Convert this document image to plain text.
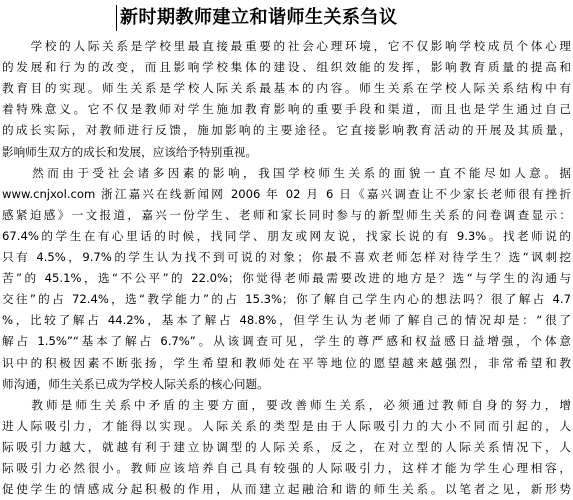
新时期教师建立和谐师生关系刍议
　　学校的人际关系是学校里最直接最重要的社会心理环境，它不仅影响学校成员个体心理
的发展和行为的改变，而且影响学校集体的建设、组织效能的发挥，影响教育质量的提高和
教育目的实现。师生关系是学校人际关系最基本的内容。师生关系在学校人际关系结构中有
着特殊意义。它不仅是教师对学生施加教育影响的重要手段和渠道，而且也是学生通过自己
的成长实际，对教师进行反馈，施加影响的主要途径。它直接影响教育活动的开展及其质量，
影响师生双方的成长和发展，应该给予特别重视。
　　然而由于受社会诸多因素的影响，我国学校师生关系的面貌一直不能尽如人意。据
www.cnjxol.com 浙江嘉兴在线新闻网 2006 年 02 月 6 日《嘉兴调查让不少家长老师很有挫折
感紧迫感》一文报道，嘉兴一份学生、老师和家长同时参与的新型师生关系的问卷调查显示：
67.4%的学生在有心里话的时候，找同学、朋友或网友说，找家长说的有 9.3%。找老师说的
只有 4.5%，9.7%的学生认为找不到可说的对象；你最不喜欢老师怎样对待学生？选“讽刺挖
苦”的 45.1%，选“不公平”的 22.0%；你觉得老师最需要改进的地方是？选“与学生的沟通与
交往”的占 72.4%，选“教学能力”的占 15.3%；你了解自己学生内心的想法吗？很了解占 4.7
%，比较了解占 44.2%，基本了解占 48.8%，但学生认为老师了解自己的情况却是：“很了
解占 1.5%”“基本了解占 6.7%”。从该调查可见，学生的尊严感和权益感日益增强，个体意
识中的积极因素不断张扬，学生希望和教师处在平等地位的愿望越来越强烈，非常希望和教
师沟通，师生关系已成为学校人际关系的核心问题。
　　教师是师生关系中矛盾的主要方面，要改善师生关系，必须通过教师自身的努力，增
进人际吸引力，才能得以实现。人际关系的类型是由于人际吸引力的大小不同而引起的，人
际吸引力越大，就越有利于建立协调型的人际关系，反之，在对立型的人际关系情况下，人
际吸引力必然很小。教师应该培养自己具有较强的人际吸引力，这样才能为学生心理相容，
促使学生的情感成分起积极的作用，从而建立起融洽和谐的师生关系。以笔者之见，新形势
